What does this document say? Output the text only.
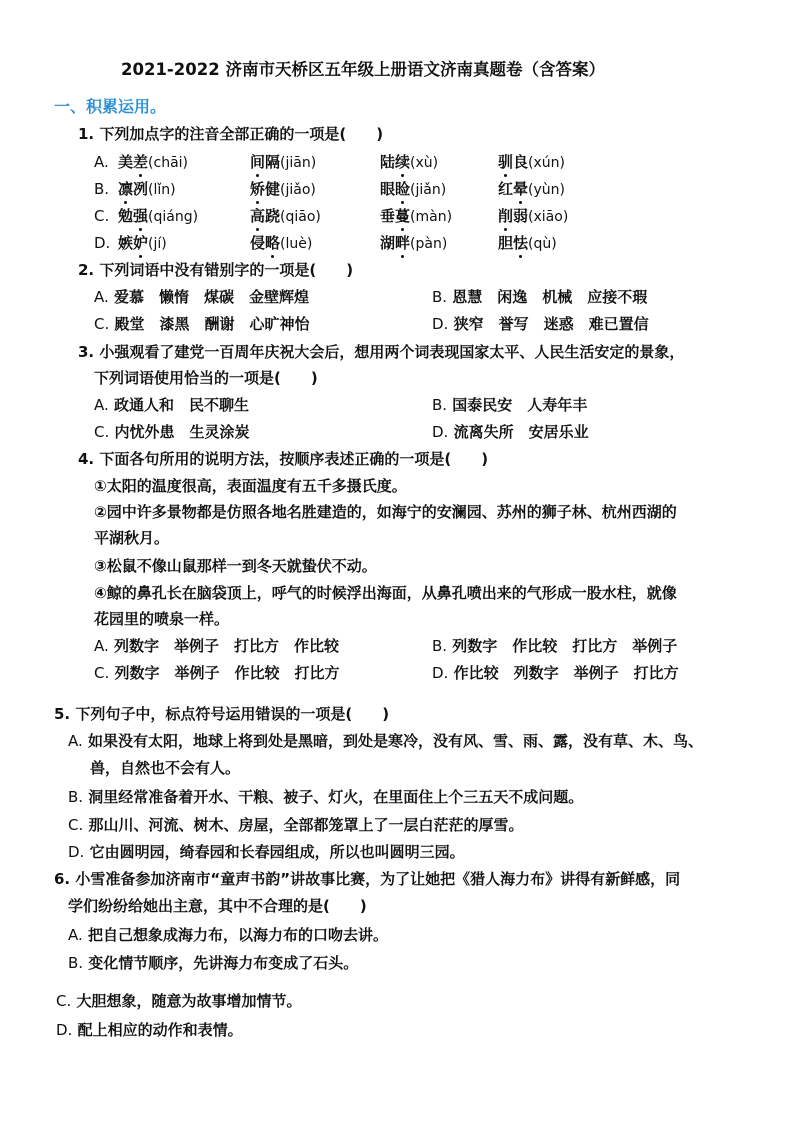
2021-2022 济南市天桥区五年级上册语文济南真题卷（含答案）
一、积累运用。
1. 下列加点字的注音全部正确的一项是(　　)
A. 美差(chāi)	间隔(jiān)	陆续(xù)	驯良(xún)
B. 凛冽(lǐn)	矫健(jiǎo)	眼睑(jiǎn)	红晕(yùn)
C. 勉强(qiáng)	高跷(qiāo)	垂蔓(màn)	削弱(xiāo)
D. 嫉妒(jí)	侵略(luè)	湖畔(pàn)	胆怯(qù)
2. 下列词语中没有错别字的一项是(　　)
A. 爱慕　懒惰　煤碳　金壁辉煌	B. 恩慧　闲逸　机械　应接不瑕
C. 殿堂　漆黑　酬谢　心旷神怡	D. 狭窄　誉写　迷惑　难已置信
3. 小强观看了建党一百周年庆祝大会后，想用两个词表现国家太平、人民生活安定的景象，
下列词语使用恰当的一项是(　　)
A. 政通人和　民不聊生	B. 国泰民安　人寿年丰
C. 内忧外患　生灵涂炭	D. 流离失所　安居乐业
4. 下面各句所用的说明方法，按顺序表述正确的一项是(　　)
①太阳的温度很高，表面温度有五千多摄氏度。
②园中许多景物都是仿照各地名胜建造的，如海宁的安澜园、苏州的狮子林、杭州西湖的
平湖秋月。
③松鼠不像山鼠那样一到冬天就蛰伏不动。
④鲸的鼻孔长在脑袋顶上，呼气的时候浮出海面，从鼻孔喷出来的气形成一股水柱，就像
花园里的喷泉一样。
A. 列数字　举例子　打比方　作比较	B. 列数字　作比较　打比方　举例子
C. 列数字　举例子　作比较　打比方	D. 作比较　列数字　举例子　打比方
5. 下列句子中，标点符号运用错误的一项是(　　)
A. 如果没有太阳，地球上将到处是黑暗，到处是寒冷，没有风、雪、雨、露，没有草、木、鸟、
兽，自然也不会有人。
B. 洞里经常准备着开水、干粮、被子、灯火，在里面住上个三五天不成问题。
C. 那山川、河流、树木、房屋，全部都笼罩上了一层白茫茫的厚雪。
D. 它由圆明园，绮春园和长春园组成，所以也叫圆明三园。
6. 小雪准备参加济南市“童声书韵”讲故事比赛，为了让她把《猎人海力布》讲得有新鲜感，同
学们纷纷给她出主意，其中不合理的是(　　)
A. 把自己想象成海力布，以海力布的口吻去讲。
B. 变化情节顺序，先讲海力布变成了石头。
C. 大胆想象，随意为故事增加情节。
D. 配上相应的动作和表情。
